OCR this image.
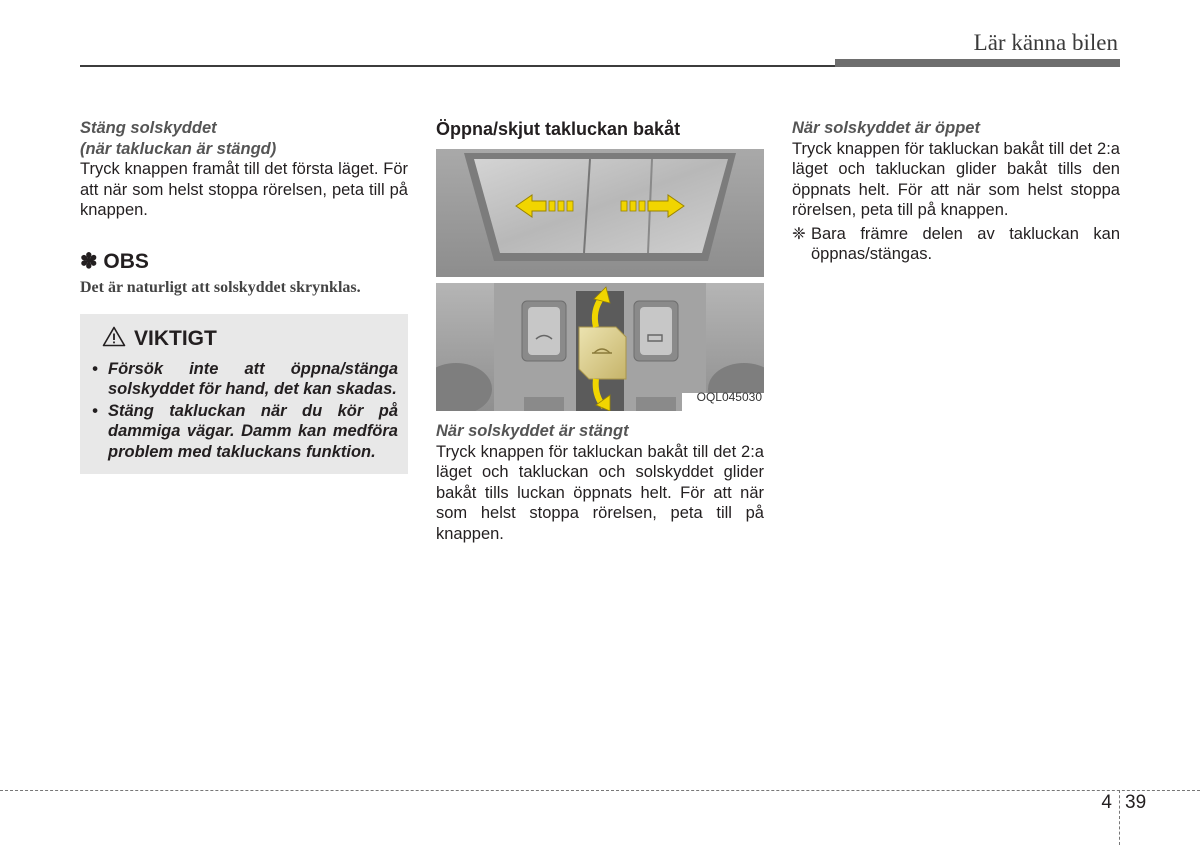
Lär känna bilen

Stäng solskyddet

(när takluckan är stängd)

Tryck knappen framåt till det första läget. För att när som helst stoppa rörelsen, peta till på knappen.

✽ OBS
Det är naturligt att solskyddet skrynklas.
VIKTIGT
• Försök inte att öppna/stänga solskyddet för hand, det kan skadas.
• Stäng takluckan när du kör på dammiga vägar. Damm kan medföra problem med takluckans funktion.
Öppna/skjut takluckan bakåt
OQL045030

När solskyddet är stängt

Tryck knappen för takluckan bakåt till det 2:a läget och takluckan och solskyddet glider bakåt tills luckan öppnats helt. För att när som helst stoppa rörelsen, peta till på knappen.

När solskyddet är öppet

Tryck knappen för takluckan bakåt till det 2:a läget och takluckan glider bakåt tills den öppnats helt. För att när som helst stoppa rörelsen, peta till på knappen.

❈ Bara främre delen av takluckan kan öppnas/stängas.
4 39
